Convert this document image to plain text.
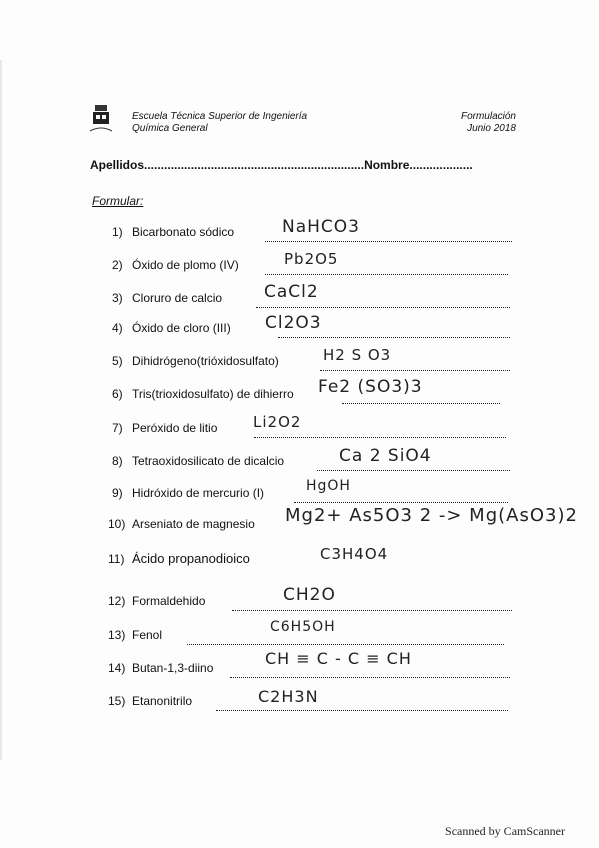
Escuela Técnica Superior de Ingeniería
Química General
Formulación
Junio 2018
Apellidos..................................................................Nombre...................
Formular:
1) Bicarbonato sódico	NaHCO3
2) Óxido de plomo (IV)	Pb2O5
3) Cloruro de calcio CaCl2
4) Óxido de cloro (III) Cl2O3
5) Dihidrógeno(trióxidosulfato)	H2 S O3
6) Tris(trioxidosulfato) de dihierro Fe2 (SO3)3
7) Peróxido de litio Li2O2
8) Tetraoxidosilicato de dicalcio	Ca 2 SiO4
9) Hidróxido de mercurio (I)	HgOH
10) Arseniato de magnesio Mg2+ As5O3 2 -> Mg(AsO3)2
11) Ácido propanodioico	C3H4O4
12) Formaldehido	CH2O
13) Fenol	C6H5OH
14) Butan-1,3-diino	CH ≡ C - C ≡ CH
15) Etanonitrilo	C2H3N
Scanned by CamScanner
